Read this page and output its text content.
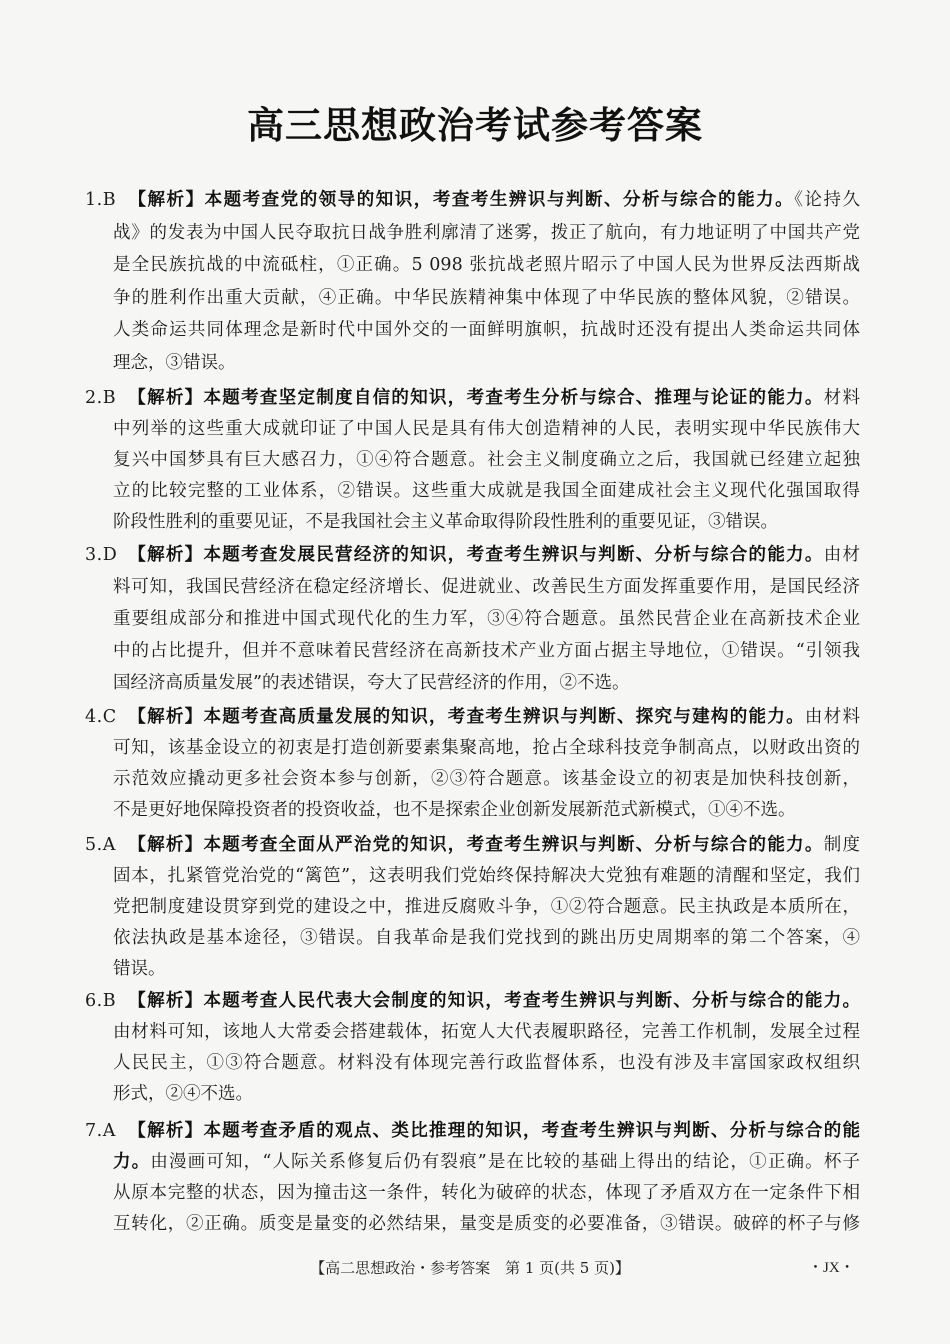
高三思想政治考试参考答案
1.B 【解析】本题考查党的领导的知识，考查考生辨识与判断、分析与综合的能力。《论持久
战》的发表为中国人民夺取抗日战争胜利廓清了迷雾，拨正了航向，有力地证明了中国共产党
是全民族抗战的中流砥柱，①正确。5 098 张抗战老照片昭示了中国人民为世界反法西斯战
争的胜利作出重大贡献，④正确。中华民族精神集中体现了中华民族的整体风貌，②错误。
人类命运共同体理念是新时代中国外交的一面鲜明旗帜，抗战时还没有提出人类命运共同体
理念，③错误。
2.B 【解析】本题考查坚定制度自信的知识，考查考生分析与综合、推理与论证的能力。材料
中列举的这些重大成就印证了中国人民是具有伟大创造精神的人民，表明实现中华民族伟大
复兴中国梦具有巨大感召力，①④符合题意。社会主义制度确立之后，我国就已经建立起独
立的比较完整的工业体系，②错误。这些重大成就是我国全面建成社会主义现代化强国取得
阶段性胜利的重要见证，不是我国社会主义革命取得阶段性胜利的重要见证，③错误。
3.D 【解析】本题考查发展民营经济的知识，考查考生辨识与判断、分析与综合的能力。由材
料可知，我国民营经济在稳定经济增长、促进就业、改善民生方面发挥重要作用，是国民经济
重要组成部分和推进中国式现代化的生力军，③④符合题意。虽然民营企业在高新技术企业
中的占比提升，但并不意味着民营经济在高新技术产业方面占据主导地位，①错误。“引领我
国经济高质量发展”的表述错误，夸大了民营经济的作用，②不选。
4.C 【解析】本题考查高质量发展的知识，考查考生辨识与判断、探究与建构的能力。由材料
可知，该基金设立的初衷是打造创新要素集聚高地，抢占全球科技竞争制高点，以财政出资的
示范效应撬动更多社会资本参与创新，②③符合题意。该基金设立的初衷是加快科技创新，
不是更好地保障投资者的投资收益，也不是探索企业创新发展新范式新模式，①④不选。
5.A 【解析】本题考查全面从严治党的知识，考查考生辨识与判断、分析与综合的能力。制度
固本，扎紧管党治党的“篱笆”，这表明我们党始终保持解决大党独有难题的清醒和坚定，我们
党把制度建设贯穿到党的建设之中，推进反腐败斗争，①②符合题意。民主执政是本质所在，
依法执政是基本途径，③错误。自我革命是我们党找到的跳出历史周期率的第二个答案，④
错误。
6.B 【解析】本题考查人民代表大会制度的知识，考查考生辨识与判断、分析与综合的能力。
由材料可知，该地人大常委会搭建载体，拓宽人大代表履职路径，完善工作机制，发展全过程
人民民主，①③符合题意。材料没有体现完善行政监督体系，也没有涉及丰富国家政权组织
形式，②④不选。
7.A 【解析】本题考查矛盾的观点、类比推理的知识，考查考生辨识与判断、分析与综合的能
力。由漫画可知，“人际关系修复后仍有裂痕”是在比较的基础上得出的结论，①正确。杯子
从原本完整的状态，因为撞击这一条件，转化为破碎的状态，体现了矛盾双方在一定条件下相
互转化，②正确。质变是量变的必然结果，量变是质变的必要准备，③错误。破碎的杯子与修
【高二思想政治・参考答案　第 1 页(共 5 页)】	・JX・
